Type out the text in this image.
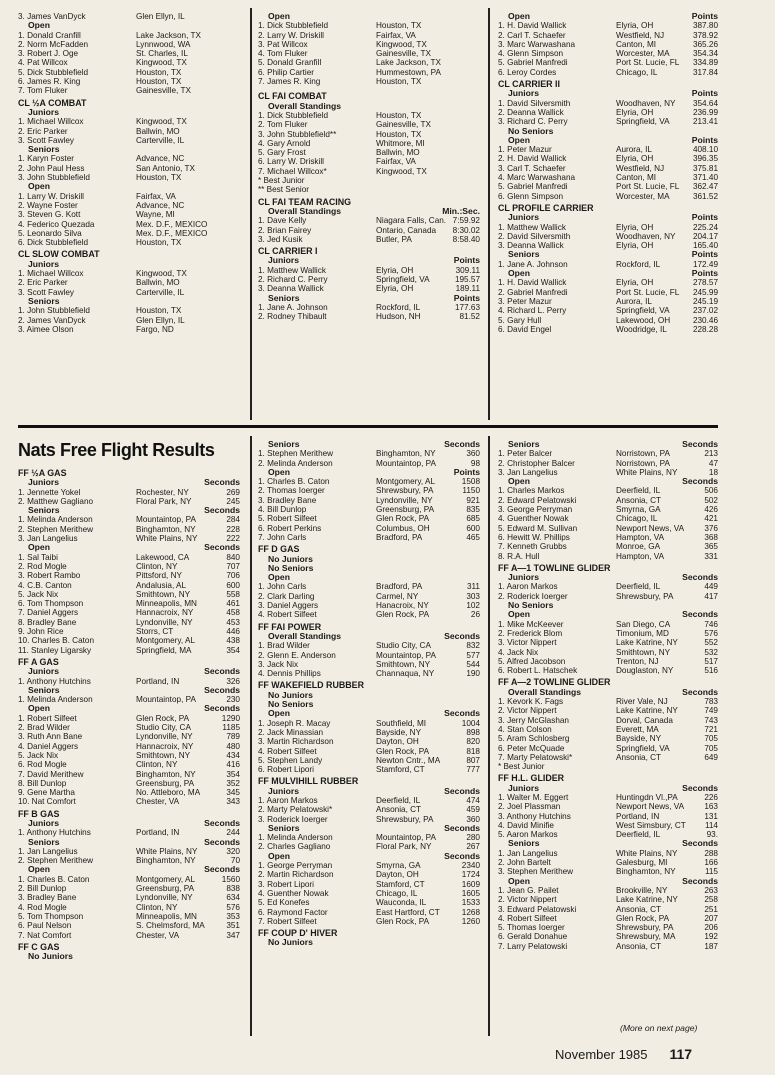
3. James VanDyck	Glen Ellyn, IL
Open
1. Donald Cranfill	Lake Jackson, TX
2. Norm McFadden	Lynnwood, WA
3. Robert J. Oge	St. Charles, IL
4. Pat Willcox	Kingwood, TX
5. Dick Stubblefield	Houston, TX
6. James R. King	Houston, TX
7. Tom Fluker	Gainesville, TX
CL ½A COMBAT
Juniors
1. Michael Willcox	Kingwood, TX
2. Eric Parker	Ballwin, MO
3. Scott Fawley	Carterville, IL
Seniors
1. Karyn Foster	Advance, NC
2. John Paul Hess	San Antonio, TX
3. John Stubblefield	Houston, TX
Open
1. Larry W. Driskill	Fairfax, VA
2. Wayne Foster	Advance, NC
3. Steven G. Kott	Wayne, MI
4. Federico Quezada	Mex. D.F., MEXICO
5. Leonardo Silva	Mex. D.F., MEXICO
6. Dick Stubblefield	Houston, TX
CL SLOW COMBAT
Juniors
1. Michael Willcox	Kingwood, TX
2. Eric Parker	Ballwin, MO
3. Scott Fawley	Carterville, IL
Seniors
1. John Stubblefield	Houston, TX
2. James VanDyck	Glen Ellyn, IL
3. Aimee Olson	Fargo, ND
Open
1. Dick Stubblefield	Houston, TX
2. Larry W. Driskill	Fairfax, VA
3. Pat Willcox	Kingwood, TX
4. Tom Fluker	Gainesville, TX
5. Donald Granfill	Lake Jackson, TX
6. Philip Cartier	Hummestown, PA
7. James R. King	Houston, TX
CL FAI COMBAT
Overall Standings
1. Dick Stubblefield	Houston, TX
2. Tom Fluker	Gainesville, TX
3. John Stubblefield**	Houston, TX
4. Gary Arnold	Whitmore, MI
5. Gary Frost	Ballwin, MO
6. Larry W. Driskill	Fairfax, VA
7. Michael Willcox*	Kingwood, TX
* Best Junior
** Best Senior
CL FAI TEAM RACING
Overall Standings	Min.:Sec.
1. Dave Kelly	Niagara Falls, Can. 7:59.92
2. Brian Fairey	Ontario, Canada 8:30.02
3. Jed Kusik	Butler, PA	8:58.40
CL CARRIER I
Juniors	Points
1. Matthew Wallick	Elyria, OH	309.11
2. Richard C. Perry	Springfield, VA	195.57
3. Deanna Wallick	Elyria, OH	189.11
Seniors	Points
1. Jane A. Johnson	Rockford, IL	177.63
2. Rodney Thibault	Hudson, NH	81.52
Open	Points
1. H. David Wallick	Elyria, OH	387.80
2. Carl T. Schaefer	Westfield, NJ	378.92
3. Marc Warwashana	Canton, MI	365.26
4. Glenn Simpson	Worcester, MA	354.34
5. Gabriel Manfredi	Port St. Lucie, FL 334.89
6. Leroy Cordes	Chicago, IL	317.84
CL CARRIER II
Juniors	Points
1. David Silversmith	Woodhaven, NY 354.64
2. Deanna Wallick	Elyria, OH	236.99
3. Richard C. Perry	Springfield, VA	213.41
No Seniors
Open	Points
1. Peter Mazur	Aurora, IL	408.10
2. H. David Wallick	Elyria, OH	396.35
3. Carl T. Schaefer	Westfield, NJ	375.81
4. Marc Warwashana	Canton, MI	371.40
5. Gabriel Manfredi	Port St. Lucie, FL 362.47
6. Glenn Simpson	Worcester, MA	361.52
CL PROFILE CARRIER
Juniors	Points
1. Matthew Wallick	Elyria, OH	225.24
2. David Silversmith	Woodhaven, NY 204.17
3. Deanna Wallick	Elyria, OH	165.40
Seniors	Points
1. Jane A. Johnson	Rockford, IL	172.49
Open	Points
1. H. David Wallick	Elyria, OH	278.57
2. Gabriel Manfredi	Port St. Lucie, FL 245.99
3. Peter Mazur	Aurora, IL	245.19
4. Richard L. Perry	Springfield, VA	237.02
5. Gary Hull	Lakewood, OH	230.46
6. David Engel	Woodridge, IL	228.28
Nats Free Flight Results
FF ½A GAS
Juniors	Seconds
1. Jennette Yokel	Rochester, NY	269
2. Matthew Gagliano	Floral Park, NY	245
Seniors	Seconds
1. Melinda Anderson	Mountaintop, PA	284
2. Stephen Merithew	Binghamton, NY	228
3. Jan Langelius	White Plains, NY	222
Open	Seconds
1. Sal Taibi	Lakewood, CA	840
2. Rod Mogle	Clinton, NY	707
3. Robert Rambo	Pittsford, NY	706
4. C.B. Canton	Andalusia, AL	600
5. Jack Nix	Smithtown, NY	558
6. Tom Thompson	Minneapolis, MN	461
7. Daniel Aggers	Hannacroix, NY	458
8. Bradley Bane	Lyndonville, NY	453
9. John Rice	Storrs, CT	446
10. Charles B. Caton	Montgomery, AL	438
11. Stanley Ligarsky	Springfield, MA	354
FF A GAS
Juniors	Seconds
1. Anthony Hutchins	Portland, IN	326
Seniors	Seconds
1. Melinda Anderson	Mountaintop, PA	230
Open	Seconds
1. Robert Silfeet	Glen Rock, PA	1290
2. Brad Wilder	Studio City, CA	1185
3. Ruth Ann Bane	Lyndonville, NY	789
4. Daniel Aggers	Hannacroix, NY	480
5. Jack Nix	Smithtown, NY	434
6. Rod Mogle	Clinton, NY	416
7. David Merithew	Binghamton, NY	354
8. Bill Dunlop	Greensburg, PA	352
9. Gene Martha	No. Attleboro, MA	345
10. Nat Comfort	Chester, VA	343
FF B GAS
Juniors	Seconds
1. Anthony Hutchins	Portland, IN	244
Seniors	Seconds
1. Jan Langelius	White Plains, NY	320
2. Stephen Merithew	Binghamton, NY	70
Open	Seconds
1. Charles B. Caton	Montgomery, AL	1560
2. Bill Dunlop	Greensburg, PA	838
3. Bradley Bane	Lyndonville, NY	634
4. Rod Mogle	Clinton, NY	576
5. Tom Thompson	Minneapolis, MN	353
6. Paul Nelson	S. Chelmsford, MA	351
7. Nat Comfort	Chester, VA	347
FF C GAS
No Juniors
Seniors	Seconds
1. Stephen Merithew	Binghamton, NY	360
2. Melinda Anderson	Mountaintop, PA	98
Open	Points
1. Charles B. Caton	Montgomery, AL	1508
2. Thomas Ioerger	Shrewsbury, PA	1150
3. Bradley Bane	Lyndonville, NY	921
4. Bill Dunlop	Greensburg, PA	835
5. Robert Silfeet	Glen Rock, PA	685
6. Robert Perkins	Columbus, OH	600
7. John Carls	Bradford, PA	465
FF D GAS
No Juniors
No Seniors
Open
1. John Carls	Bradford, PA	311
2. Clark Darling	Carmel, NY	303
3. Daniel Aggers	Hanacroix, NY	102
4. Robert Silfeet	Glen Rock, PA	26
FF FAI POWER
Overall Standings	Seconds
1. Brad Wilder	Studio City, CA	832
2. Glenn E. Anderson	Mountaintop, PA	577
3. Jack Nix	Smithtown, NY	544
4. Dennis Phillips	Channaqua, NY	190
FF WAKEFIELD RUBBER
No Juniors
No Seniors
Open	Seconds
1. Joseph R. Macay	Southfield, MI	1004
2. Jack Minassian	Bayside, NY	898
3. Martin Richardson	Dayton, OH	820
4. Robert Silfeet	Glen Rock, PA	818
5. Stephen Landy	Newton Cntr., MA	807
6. Robert Lipori	Stamford, CT	777
FF MULVIHILL RUBBER
Juniors	Seconds
1. Aaron Markos	Deerfield, IL	474
2. Marty Pelatowski*	Ansonia, CT	459
3. Roderick Ioerger	Shrewsbury, PA	360
Seniors	Seconds
1. Melinda Anderson	Mountaintop, PA	280
2. Charles Gagliano	Floral Park, NY	267
Open	Seconds
1. George Perryman	Smyrna, GA	2340
2. Martin Richardson	Dayton, OH	1724
3. Robert Lipori	Stamford, CT	1609
4. Guenther Nowak	Chicago, IL	1605
5. Ed Konefes	Wauconda, IL	1533
6. Raymond Factor	East Hartford, CT	1268
7. Robert Silfeet	Glen Rock, PA	1260
FF COUP D' HIVER
No Juniors
Seniors	Seconds
1. Peter Balcer	Norristown, PA	213
2. Christopher Balcer	Norristown, PA	47
3. Jan Langelius	White Plains, NY	18
Open	Seconds
1. Charles Markos	Deerfield, IL	506
2. Edward Pelatowski	Ansonia, CT	502
3. George Perryman	Smyrna, GA	426
4. Guenther Nowak	Chicago, IL	421
5. Edward M. Sullivan	Newport News, VA 376
6. Hewitt W. Phillips	Hampton, VA	368
7. Kenneth Grubbs	Monroe, GA	365
8. R.A. Hull	Hampton, VA	331
FF A—1 TOWLINE GLIDER
Juniors	Seconds
1. Aaron Markos	Deerfield, IL	449
2. Roderick Ioerger	Shrewsbury, PA	417
No Seniors
Open	Seconds
1. Mike McKeever	San Diego, CA	746
2. Frederick Blom	Timonium, MD	576
3. Victor Nippert	Lake Katrine, NY	552
4. Jack Nix	Smithtown, NY	532
5. Alfred Jacobson	Trenton, NJ	517
6. Robert L. Hatschek	Douglaston, NY	516
FF A—2 TOWLINE GLIDER
Overall Standings	Seconds
1. Kevork K. Fags	River Vale, NJ	783
2. Victor Nippert	Lake Katrine, NY	749
3. Jerry McGlashan	Dorval, Canada	743
4. Stan Colson	Everett, MA	721
5. Aram Schlosberg	Bayside, NY	705
6. Peter McQuade	Springfield, VA	705
7. Marty Pelatowski*	Ansonia, CT	649
* Best Junior
FF H.L. GLIDER
Juniors	Seconds
1. Walter M. Eggert	Huntingdn Vl.,PA	226
2. Joel Plassman	Newport News, VA 163
3. Anthony Hutchins	Portland, IN	131
4. David Minifie	West Simsbury, CT 114
5. Aaron Markos	Deerfield, IL	93.
Seniors	Seconds
1. Jan Langelius	White Plains, NY	288
2. John Bartelt	Galesburg, MI	166
3. Stephen Merithew	Binghamton, NY	115
Open	Seconds
1. Jean G. Pailet	Brookville, NY	263
2. Victor Nippert	Lake Katrine, NY	258
3. Edward Pelatowski	Ansonia, CT	251
4. Robert Silfeet	Glen Rock, PA	207
5. Thomas Ioerger	Shrewsbury, PA	206
6. Gerald Donahue	Shrewsbury, MA	192
7. Larry Pelatowski	Ansonia, CT	187
(More on next page)
November 1985 117
